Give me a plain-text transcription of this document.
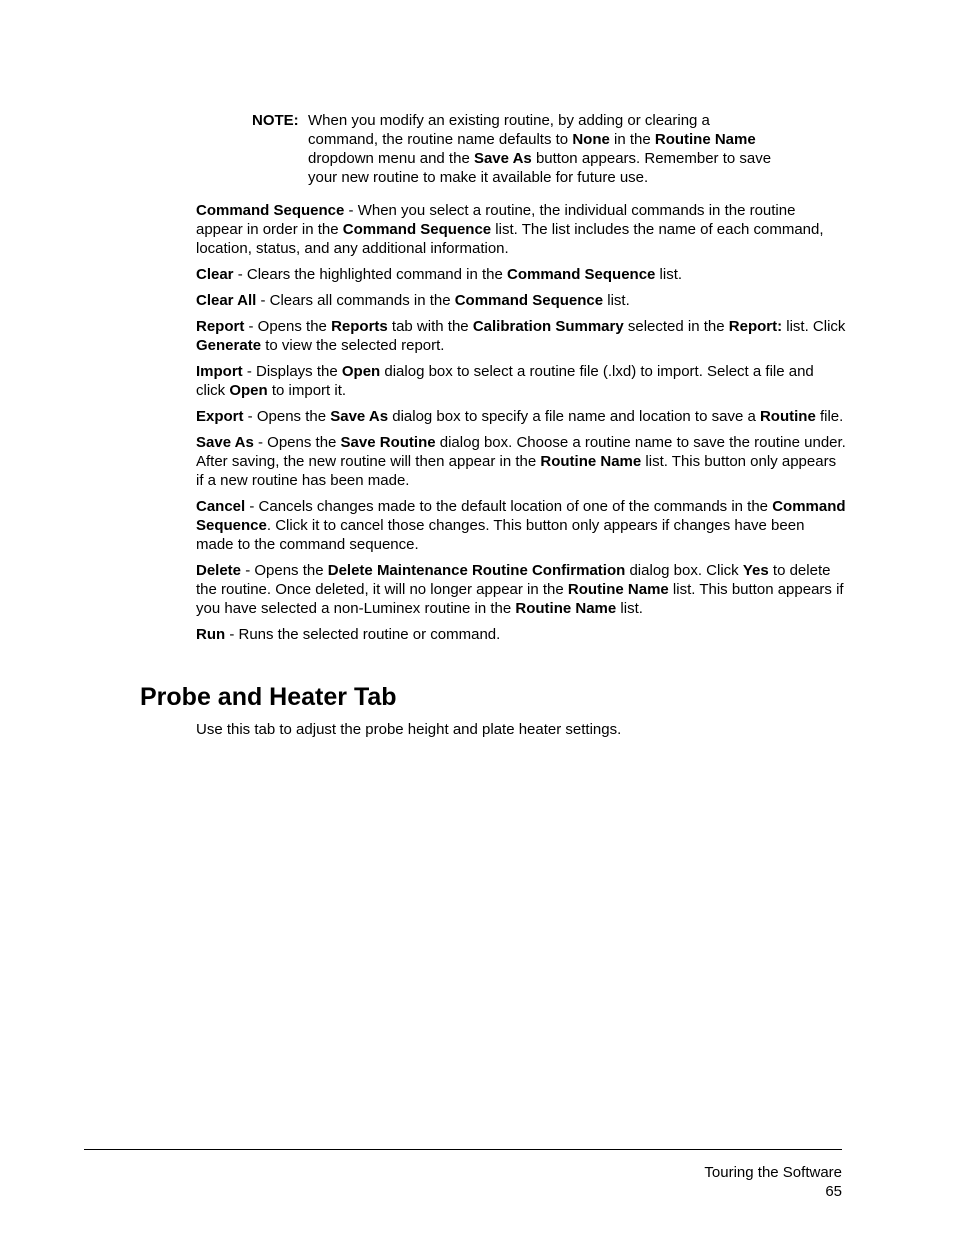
NOTE: When you modify an existing routine, by adding or clearing a command, the routine name defaults to None in the Routine Name dropdown menu and the Save As button appears. Remember to save your new routine to make it available for future use.

Command Sequence - When you select a routine, the individual commands in the routine appear in order in the Command Sequence list. The list includes the name of each command, location, status, and any additional information.

Clear - Clears the highlighted command in the Command Sequence list.

Clear All - Clears all commands in the Command Sequence list.

Report - Opens the Reports tab with the Calibration Summary selected in the Report: list. Click Generate to view the selected report.

Import - Displays the Open dialog box to select a routine file (.lxd) to import. Select a file and click Open to import it.

Export - Opens the Save As dialog box to specify a file name and location to save a Routine file.

Save As - Opens the Save Routine dialog box. Choose a routine name to save the routine under. After saving, the new routine will then appear in the Routine Name list. This button only appears if a new routine has been made.

Cancel - Cancels changes made to the default location of one of the commands in the Command Sequence. Click it to cancel those changes. This button only appears if changes have been made to the command sequence.

Delete - Opens the Delete Maintenance Routine Confirmation dialog box. Click Yes to delete the routine. Once deleted, it will no longer appear in the Routine Name list. This button appears if you have selected a non-Luminex routine in the Routine Name list.

Run - Runs the selected routine or command.

Probe and Heater Tab

Use this tab to adjust the probe height and plate heater settings.

Touring the Software
65
